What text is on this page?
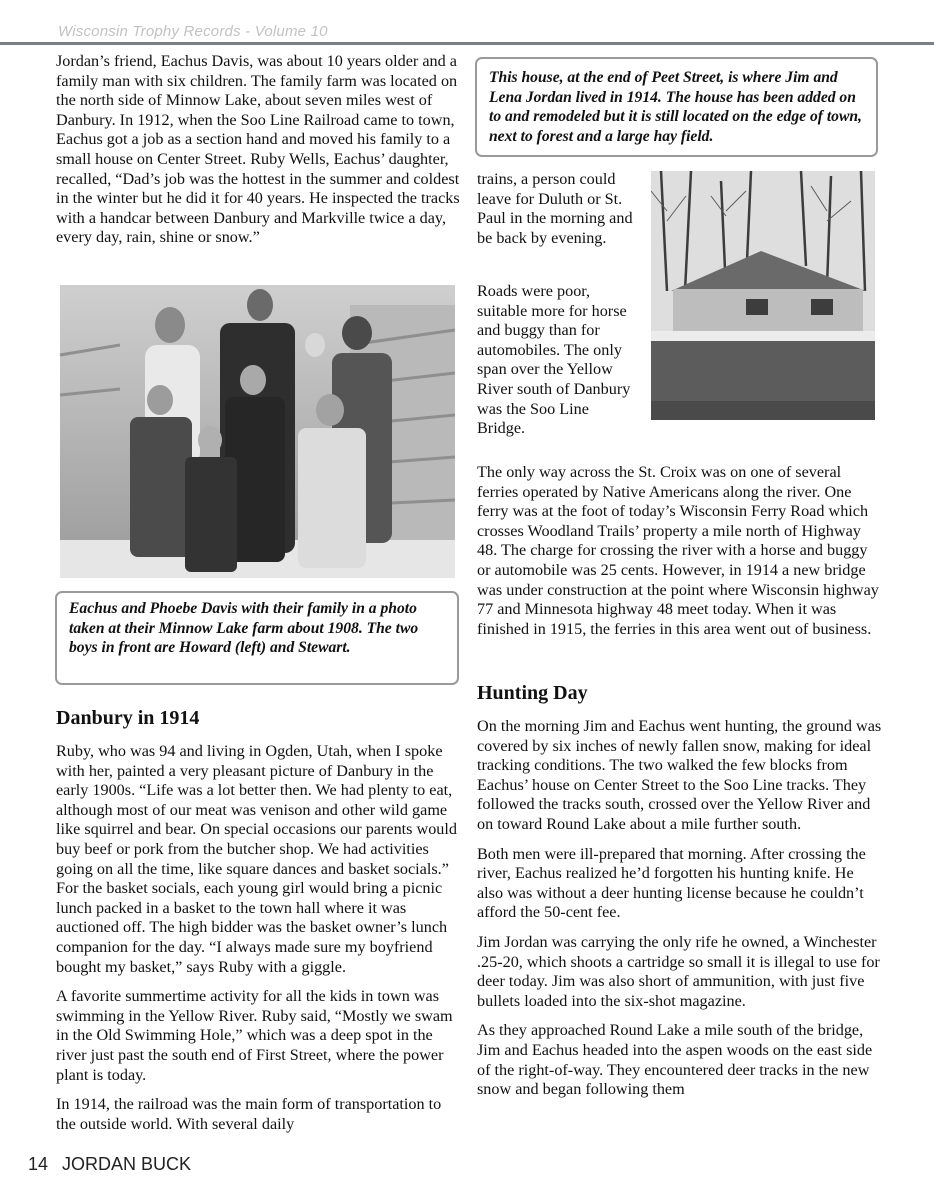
Wisconsin Trophy Records - Volume 10
Jordan’s friend, Eachus Davis, was about 10 years older and a family man with six children. The family farm was located on the north side of Minnow Lake, about seven miles west of Danbury. In 1912, when the Soo Line Railroad came to town, Eachus got a job as a section hand and moved his family to a small house on Center Street. Ruby Wells, Eachus’ daughter, recalled, “Dad’s job was the hottest in the summer and coldest in the winter but he did it for 40 years. He inspected the tracks with a handcar between Danbury and Markville twice a day, every day, rain, shine or snow.”
Eachus and Phoebe Davis with their family in a photo taken at their Minnow Lake farm about 1908. The two boys in front are Howard (left) and Stewart.
Danbury in 1914

Ruby, who was 94 and living in Ogden, Utah, when I spoke with her, painted a very pleasant picture of Danbury in the early 1900s. “Life was a lot better then. We had plenty to eat, although most of our meat was venison and other wild game like squirrel and bear. On special occasions our parents would buy beef or pork from the butcher shop. We had activities going on all the time, like square dances and basket socials.” For the basket socials, each young girl would bring a picnic lunch packed in a basket to the town hall where it was auctioned off. The high bidder was the basket owner’s lunch companion for the day. “I always made sure my boyfriend bought my basket,” says Ruby with a giggle.

A favorite summertime activity for all the kids in town was swimming in the Yellow River. Ruby said, “Mostly we swam in the Old Swimming Hole,” which was a deep spot in the river just past the south end of First Street, where the power plant is today.

In 1914, the railroad was the main form of transportation to the outside world. With several daily

This house, at the end of Peet Street, is where Jim and Lena Jordan lived in 1914. The house has been added on to and remodeled but it is still located on the edge of town, next to forest and a large hay field.
trains, a person could leave for Duluth or St. Paul in the morning and be back by evening.
Roads were poor, suitable more for horse and buggy than for automobiles. The only span over the Yellow River south of Danbury was the Soo Line Bridge.
The only way across the St. Croix was on one of several ferries operated by Native Americans along the river. One ferry was at the foot of today’s Wisconsin Ferry Road which crosses Woodland Trails’ property a mile north of Highway 48. The charge for crossing the river with a horse and buggy or automobile was 25 cents. However, in 1914 a new bridge was under construction at the point where Wisconsin highway 77 and Minnesota highway 48 meet today. When it was finished in 1915, the ferries in this area went out of business.
Hunting Day

On the morning Jim and Eachus went hunting, the ground was covered by six inches of newly fallen snow, making for ideal tracking conditions. The two walked the few blocks from Eachus’ house on Center Street to the Soo Line tracks. They followed the tracks south, crossed over the Yellow River and on toward Round Lake about a mile further south.

Both men were ill-prepared that morning. After crossing the river, Eachus realized he’d forgotten his hunting knife. He also was without a deer hunting license because he couldn’t afford the 50-cent fee.

Jim Jordan was carrying the only rife he owned, a Winchester .25-20, which shoots a cartridge so small it is illegal to use for deer today. Jim was also short of ammunition, with just five bullets loaded into the six-shot magazine.

As they approached Round Lake a mile south of the bridge, Jim and Eachus headed into the aspen woods on the east side of the right-of-way. They encountered deer tracks in the new snow and began following them

14 JORDAN BUCK
